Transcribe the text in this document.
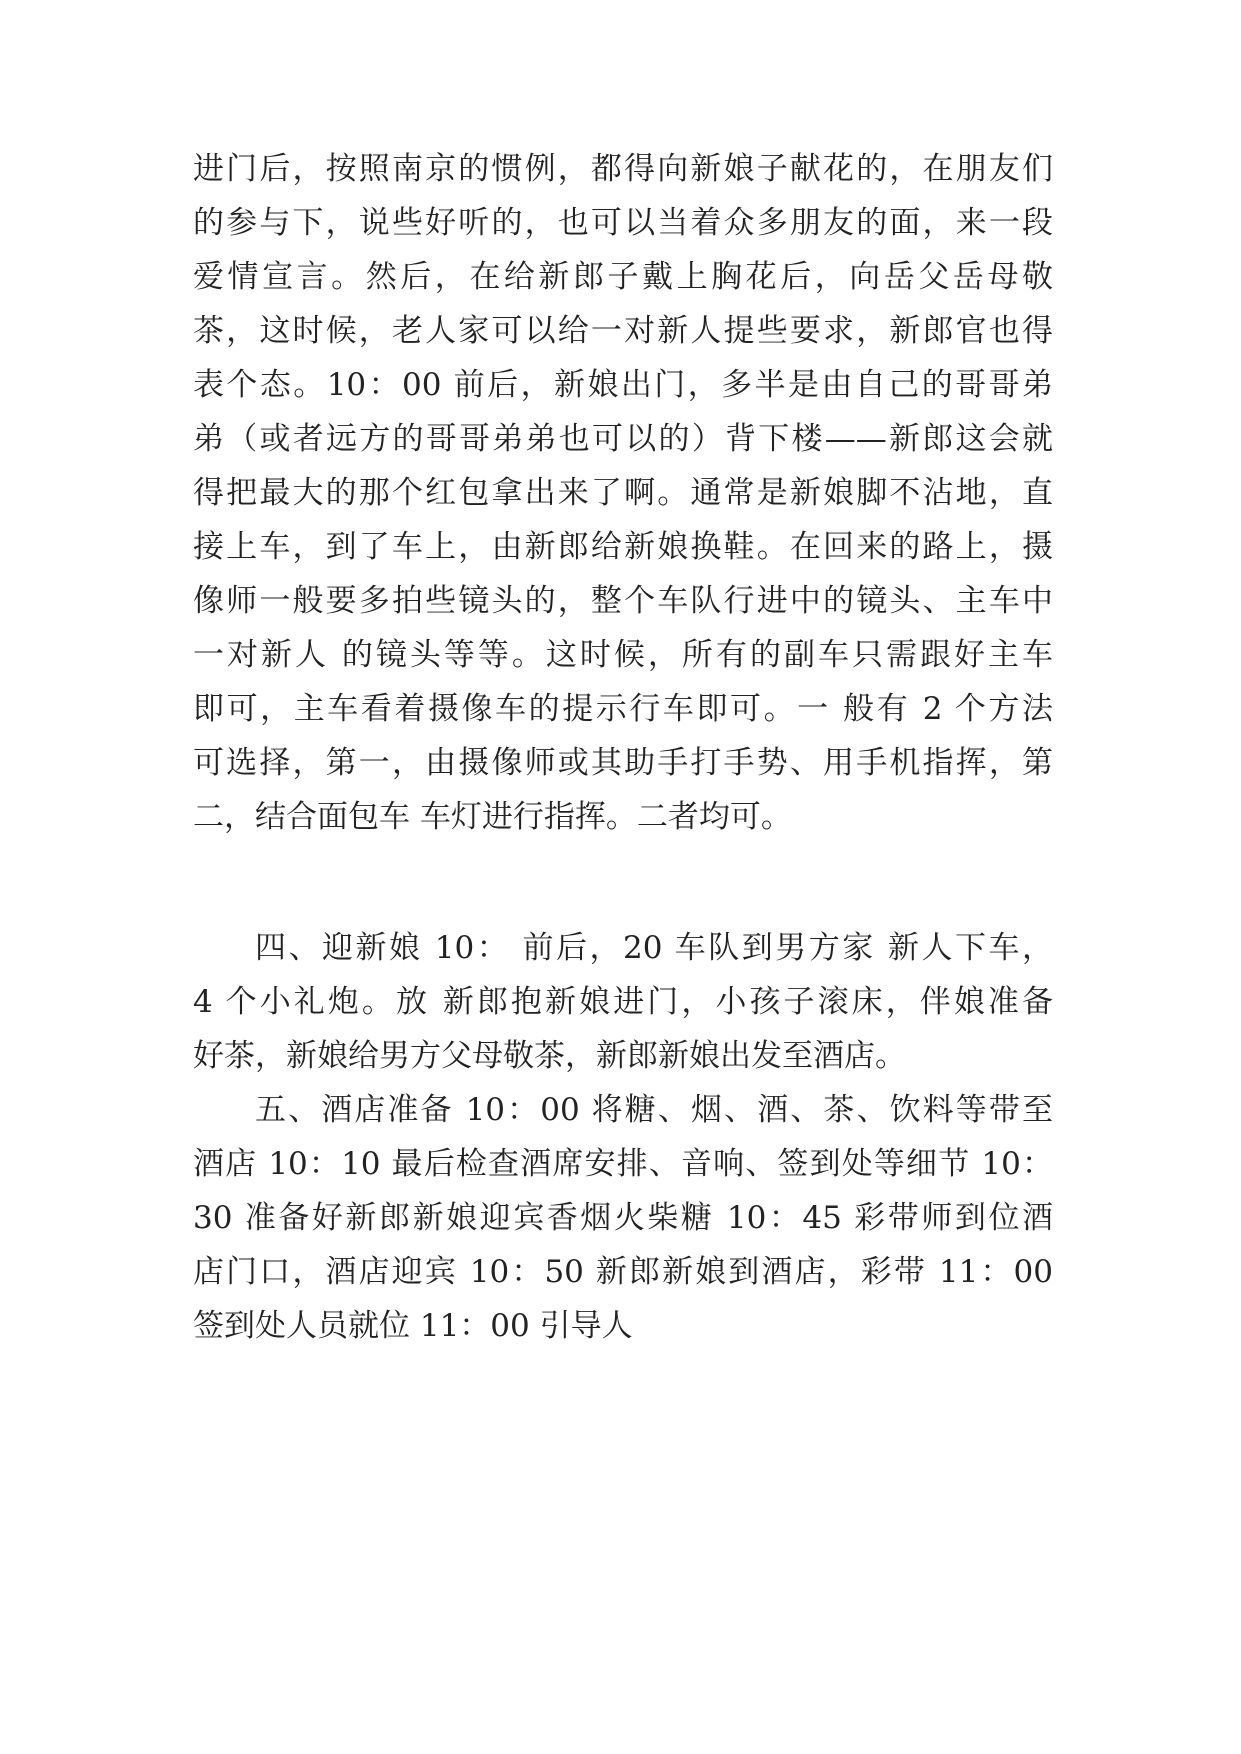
进门后，按照南京的惯例，都得向新娘子献花的，在朋友们
的参与下，说些好听的，也可以当着众多朋友的面，来一段
爱情宣言。然后，在给新郎子戴上胸花后，向岳父岳母敬
茶，这时候，老人家可以给一对新人提些要求，新郎官也得
表个态。10：00 前后，新娘出门，多半是由自己的哥哥弟
弟（或者远方的哥哥弟弟也可以的）背下楼——新郎这会就
得把最大的那个红包拿出来了啊。通常是新娘脚不沾地，直
接上车，到了车上，由新郎给新娘换鞋。在回来的路上，摄
像师一般要多拍些镜头的，整个车队行进中的镜头、主车中
一对新人 的镜头等等。这时候，所有的副车只需跟好主车
即可，主车看着摄像车的提示行车即可。一 般有 2 个方法
可选择，第一，由摄像师或其助手打手势、用手机指挥，第
二，结合面包车 车灯进行指挥。二者均可。
四、迎新娘 10： 前后，20 车队到男方家 新人下车，
4 个小礼炮。放 新郎抱新娘进门，小孩子滚床，伴娘准备
好茶，新娘给男方父母敬茶，新郎新娘出发至酒店。
五、酒店准备 10：00 将糖、烟、酒、茶、饮料等带至
酒店 10：10 最后检查酒席安排、音响、签到处等细节 10：
30 准备好新郎新娘迎宾香烟火柴糖 10：45 彩带师到位酒
店门口，酒店迎宾 10：50 新郎新娘到酒店，彩带 11：00
签到处人员就位 11：00 引导人
